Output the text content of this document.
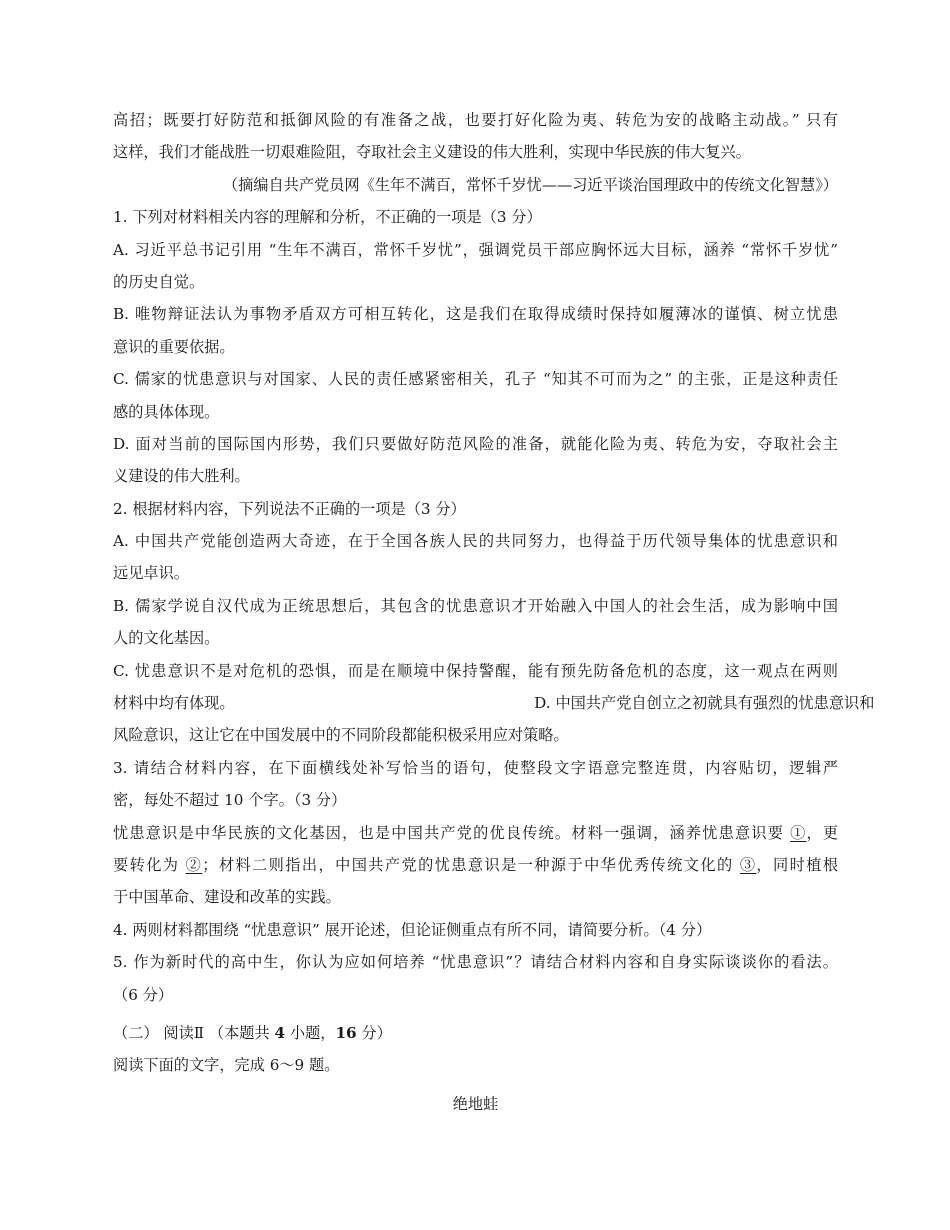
高招；既要打好防范和抵御风险的有准备之战，也要打好化险为夷、转危为安的战略主动战。” 只有
这样，我们才能战胜一切艰难险阻，夺取社会主义建设的伟大胜利，实现中华民族的伟大复兴。
（摘编自共产党员网《生年不满百，常怀千岁忧——习近平谈治国理政中的传统文化智慧》）
1. 下列对材料相关内容的理解和分析，不正确的一项是（3 分）
A. 习近平总书记引用 “生年不满百，常怀千岁忧”，强调党员干部应胸怀远大目标，涵养 “常怀千岁忧”
的历史自觉。
B. 唯物辩证法认为事物矛盾双方可相互转化，这是我们在取得成绩时保持如履薄冰的谨慎、树立忧患
意识的重要依据。
C. 儒家的忧患意识与对国家、人民的责任感紧密相关，孔子 “知其不可而为之” 的主张，正是这种责任
感的具体体现。
D. 面对当前的国际国内形势，我们只要做好防范风险的准备，就能化险为夷、转危为安，夺取社会主
义建设的伟大胜利。
2. 根据材料内容，下列说法不正确的一项是（3 分）
A. 中国共产党能创造两大奇迹，在于全国各族人民的共同努力，也得益于历代领导集体的忧患意识和
远见卓识。
B. 儒家学说自汉代成为正统思想后，其包含的忧患意识才开始融入中国人的社会生活，成为影响中国
人的文化基因。
C. 忧患意识不是对危机的恐惧，而是在顺境中保持警醒，能有预先防备危机的态度，这一观点在两则
材料中均有体现。	D. 中国共产党自创立之初就具有强烈的忧患意识和
风险意识，这让它在中国发展中的不同阶段都能积极采用应对策略。
3. 请结合材料内容，在下面横线处补写恰当的语句，使整段文字语意完整连贯，内容贴切，逻辑严
密，每处不超过 10 个字。（3 分）
忧患意识是中华民族的文化基因，也是中国共产党的优良传统。材料一强调，涵养忧患意识要 ①，更
要转化为 ②；材料二则指出，中国共产党的忧患意识是一种源于中华优秀传统文化的 ③，同时植根
于中国革命、建设和改革的实践。
4. 两则材料都围绕 “忧患意识” 展开论述，但论证侧重点有所不同，请简要分析。（4 分）
5. 作为新时代的高中生，你认为应如何培养 “忧患意识”？请结合材料内容和自身实际谈谈你的看法。
（6 分）
（二） 阅读Ⅱ （本题共 4 小题，16 分）
阅读下面的文字，完成 6～9 题。
绝地蛙
